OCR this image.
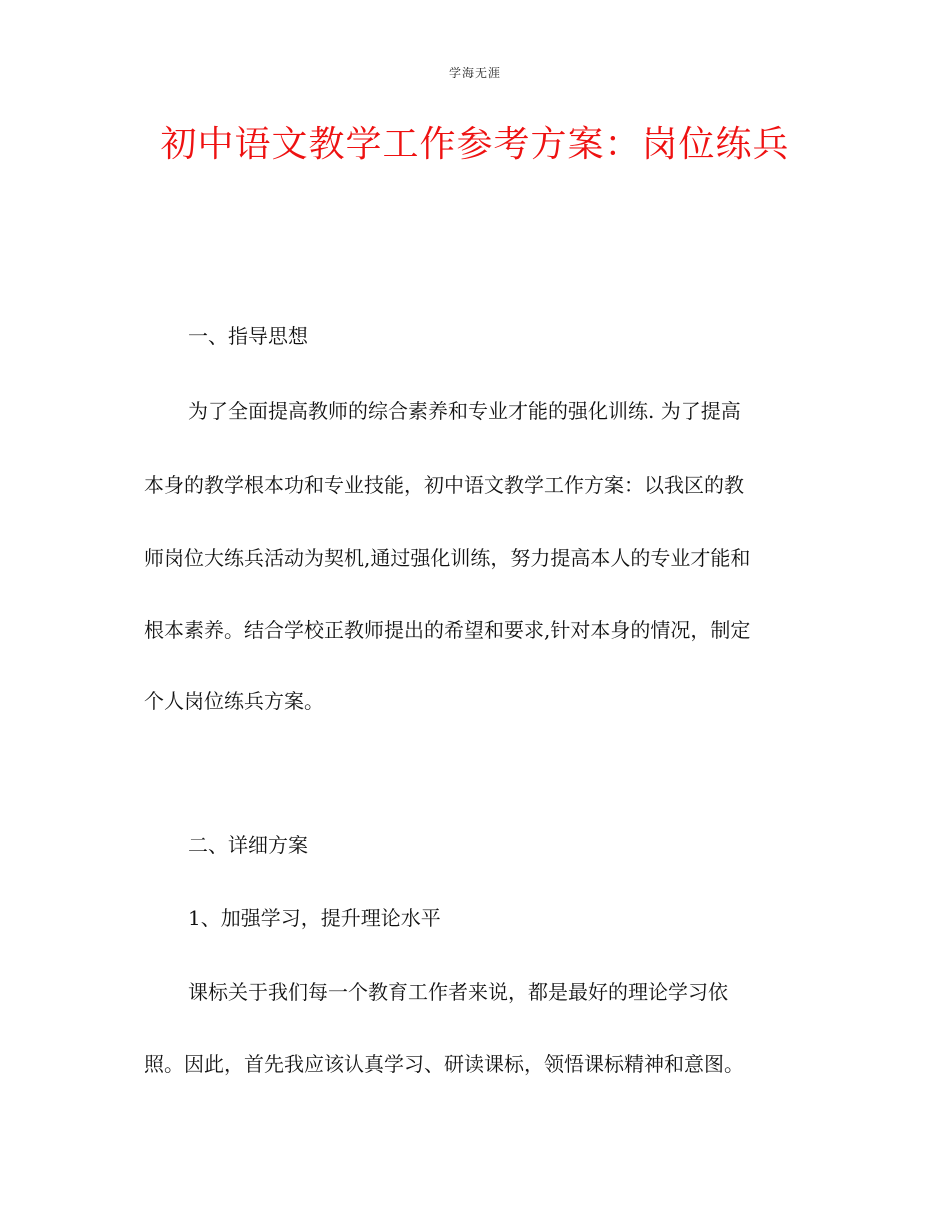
学海无涯
初中语文教学工作参考方案：岗位练兵
一、指导思想
为了全面提高教师的综合素养和专业才能的强化训练. 为了提高
本身的教学根本功和专业技能，初中语文教学工作方案：以我区的教
师岗位大练兵活动为契机,通过强化训练，努力提高本人的专业才能和
根本素养。结合学校正教师提出的希望和要求,针对本身的情况，制定
个人岗位练兵方案。
二、详细方案
1、加强学习，提升理论水平
课标关于我们每一个教育工作者来说，都是最好的理论学习依
照。因此，首先我应该认真学习、研读课标，领悟课标精神和意图。
